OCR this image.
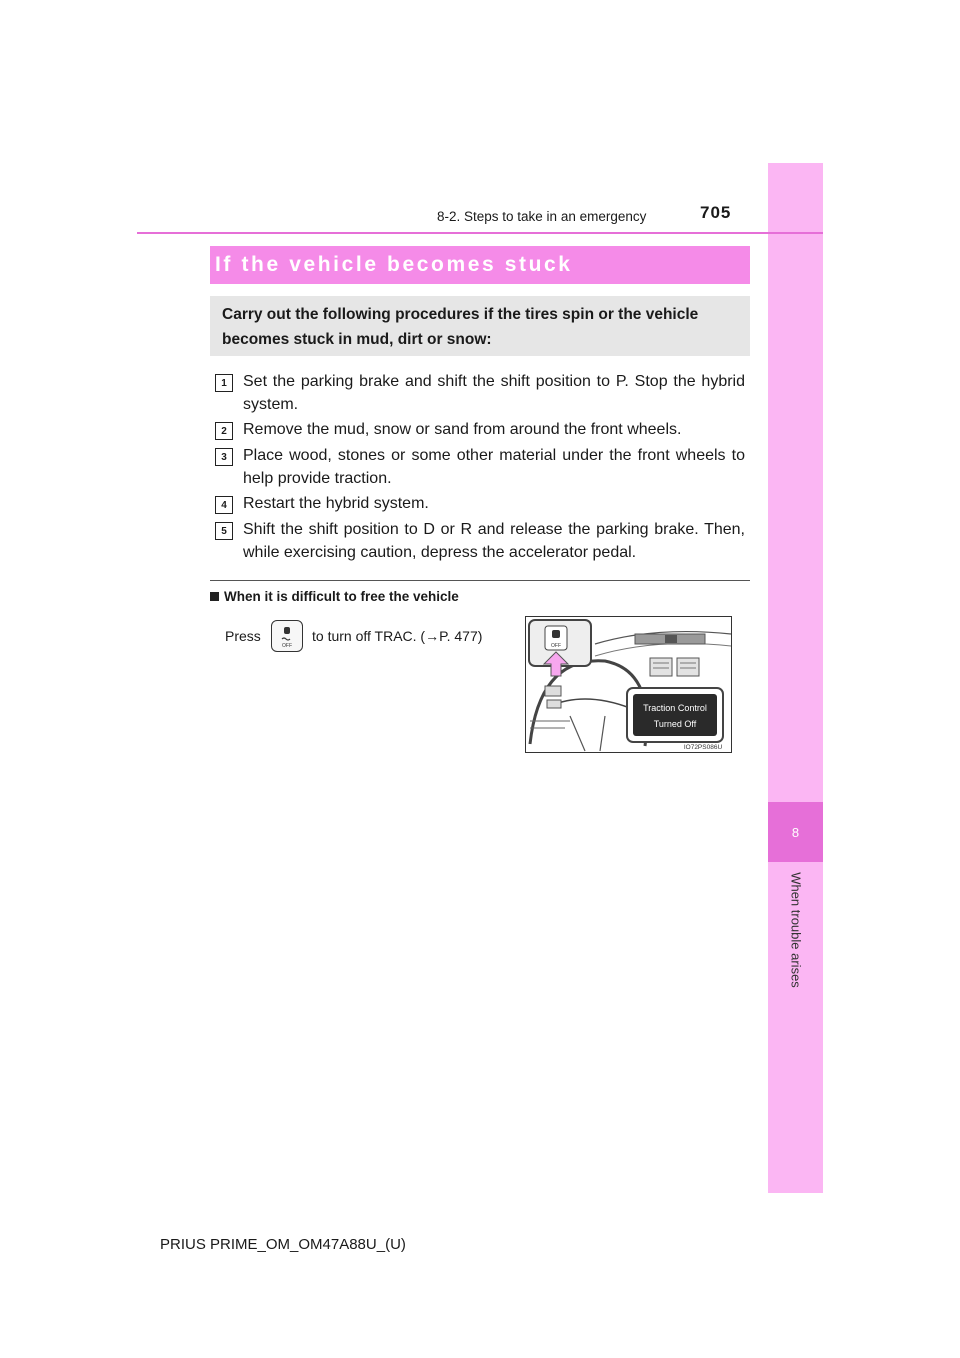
8
When trouble arises
8-2. Steps to take in an emergency	705
If the vehicle becomes stuck
Carry out the following procedures if the tires spin or the vehicle becomes stuck in mud, dirt or snow:
1	Set the parking brake and shift the shift position to P. Stop the hybrid system.
2	Remove the mud, snow or sand from around the front wheels.
3	Place wood, stones or some other material under the front wheels to help provide traction.
4	Restart the hybrid system.
5	Shift the shift position to D or R and release the parking brake. Then, while exercising caution, depress the accelerator pedal.
When it is difficult to free the vehicle
Press
OFF
to turn off TRAC. (→P. 477)
OFF
Traction Control
Turned Off
IO72PS086U
PRIUS PRIME_OM_OM47A88U_(U)
